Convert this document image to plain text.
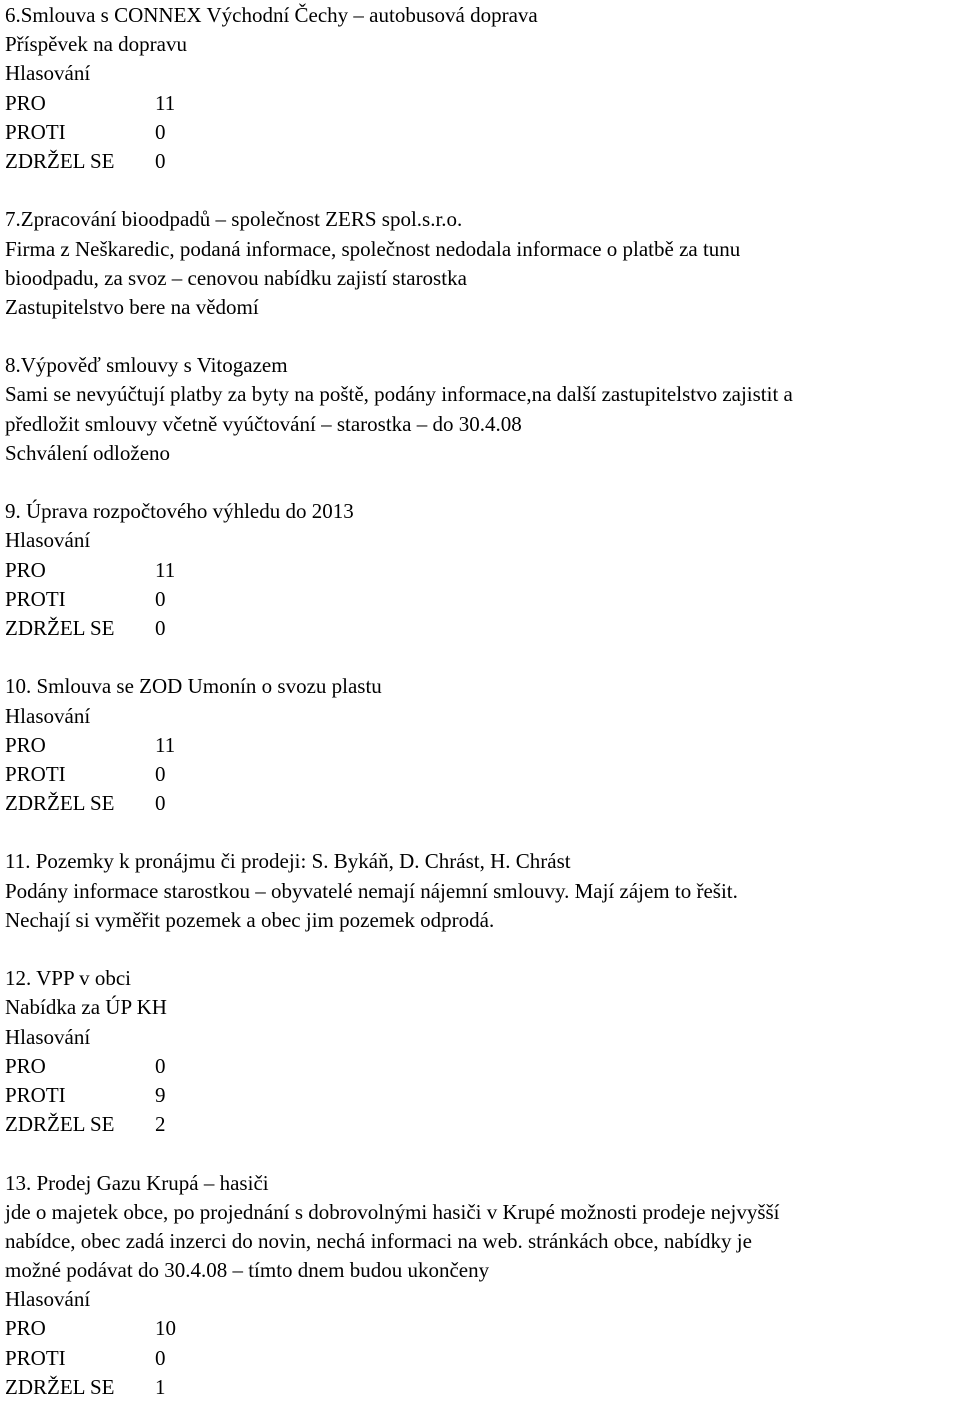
6.Smlouva s CONNEX Východní Čechy – autobusová doprava
Příspěvek na dopravu
Hlasování
PRO	11
PROTI	0
ZDRŽEL SE	0
7.Zpracování bioodpadů – společnost ZERS spol.s.r.o.
Firma z Neškaredic, podaná informace, společnost nedodala informace o platbě za tunu
bioodpadu, za svoz – cenovou nabídku zajistí starostka
Zastupitelstvo bere na vědomí
8.Výpověď smlouvy s Vitogazem
Sami se nevyúčtují platby za byty na poště, podány informace,na další zastupitelstvo zajistit a
předložit smlouvy včetně vyúčtování – starostka – do 30.4.08
Schválení odloženo
9. Úprava rozpočtového výhledu do 2013
Hlasování
PRO	11
PROTI	0
ZDRŽEL SE	0
10. Smlouva se ZOD Umonín o svozu plastu
Hlasování
PRO	11
PROTI	0
ZDRŽEL SE	0
11. Pozemky k pronájmu či prodeji: S. Bykáň, D. Chrást, H. Chrást
Podány informace starostkou – obyvatelé nemají nájemní smlouvy. Mají zájem to řešit.
Nechají si vyměřit pozemek a obec jim pozemek odprodá.
12. VPP v obci
Nabídka za ÚP KH
Hlasování
PRO	0
PROTI	9
ZDRŽEL SE	2
13. Prodej Gazu Krupá – hasiči
jde o majetek obce, po projednání s dobrovolnými hasiči v Krupé možnosti prodeje nejvyšší
nabídce, obec zadá inzerci do novin, nechá informaci na web. stránkách obce, nabídky je
možné podávat do 30.4.08 – tímto dnem budou ukončeny
Hlasování
PRO	10
PROTI	0
ZDRŽEL SE	1
